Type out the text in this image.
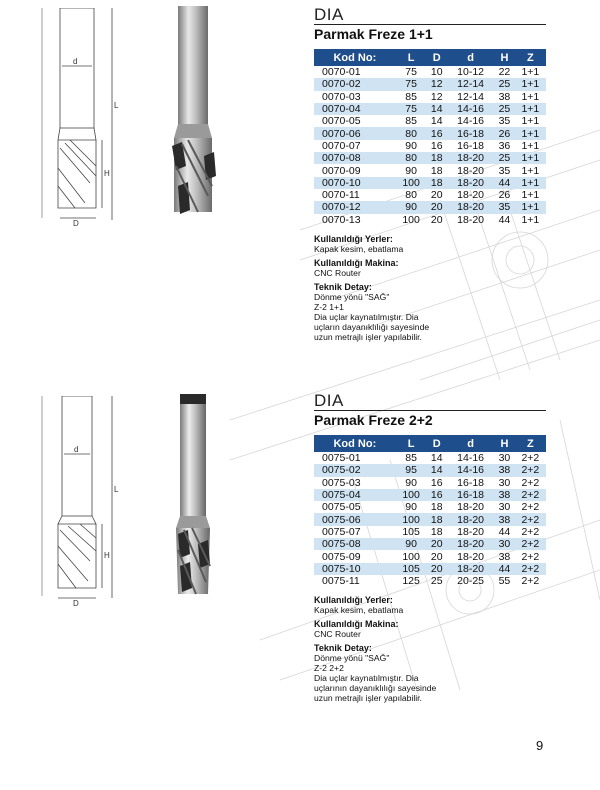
d
L
H
D
DIA
Parmak Freze 1+1
Kod No:	L	D	d	H	Z
0070-01	75	10	10-12	22	1+1
0070-02	75	12	12-14	25	1+1
0070-03	85	12	12-14	38	1+1
0070-04	75	14	14-16	25	1+1
0070-05	85	14	14-16	35	1+1
0070-06	80	16	16-18	26	1+1
0070-07	90	16	16-18	36	1+1
0070-08	80	18	18-20	25	1+1
0070-09	90	18	18-20	35	1+1
0070-10	100	18	18-20	44	1+1
0070-11	80	20	18-20	26	1+1
0070-12	90	20	18-20	35	1+1
0070-13	100	20	18-20	44	1+1
Kullanıldığı Yerler:
Kapak kesim, ebatlama
Kullanıldığı Makina:
CNC Router
Teknik Detay:
Dönme yönü "SAĞ"
Z-2 1+1
Dia uçlar kaynatılmıştır. Dia
uçların dayanıklılığı sayesinde
uzun metrajlı işler yapılabilir.
d
L
H
D
DIA
Parmak Freze 2+2
Kod No:	L	D	d	H	Z
0075-01	85	14	14-16	30	2+2
0075-02	95	14	14-16	38	2+2
0075-03	90	16	16-18	30	2+2
0075-04	100	16	16-18	38	2+2
0075-05	90	18	18-20	30	2+2
0075-06	100	18	18-20	38	2+2
0075-07	105	18	18-20	44	2+2
0075-08	90	20	18-20	30	2+2
0075-09	100	20	18-20	38	2+2
0075-10	105	20	18-20	44	2+2
0075-11	125	25	20-25	55	2+2
Kullanıldığı Yerler:
Kapak kesim, ebatlama
Kullanıldığı Makina:
CNC Router
Teknik Detay:
Dönme yönü "SAĞ"
Z-2 2+2
Dia uçlar kaynatılmıştır. Dia
uçlarının dayanıklılığı sayesinde
uzun metrajlı işler yapılabilir.
9
